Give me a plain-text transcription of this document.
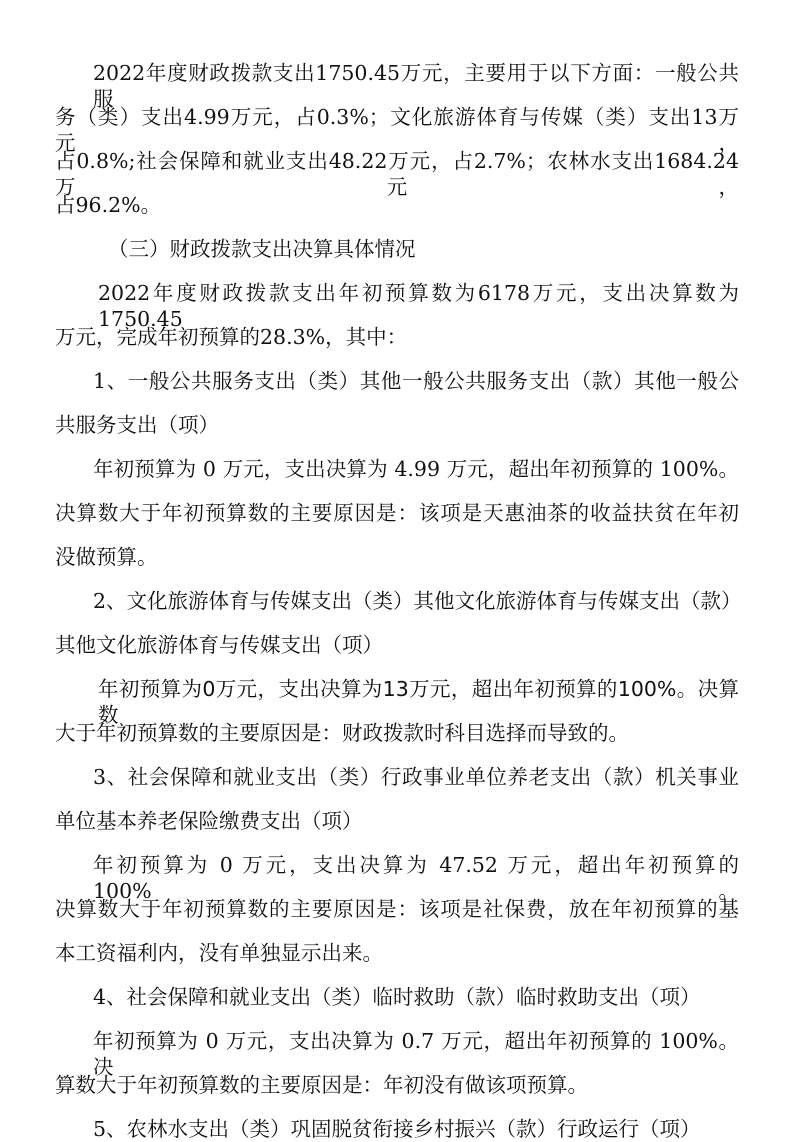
2022年度财政拨款支出1750.45万元，主要用于以下方面：一般公共服
务（类）支出4.99万元，占0.3%；文化旅游体育与传媒（类）支出13万元，
占0.8%;社会保障和就业支出48.22万元，占2.7%；农林水支出1684.24万元，
占96.2%。
（三）财政拨款支出决算具体情况
2022年度财政拨款支出年初预算数为6178万元，支出决算数为1750.45
万元，完成年初预算的28.3%，其中：
1、一般公共服务支出（类）其他一般公共服务支出（款）其他一般公
共服务支出（项）
年初预算为 0 万元，支出决算为 4.99 万元，超出年初预算的 100%。
决算数大于年初预算数的主要原因是：该项是天惠油茶的收益扶贫在年初
没做预算。
2、文化旅游体育与传媒支出（类）其他文化旅游体育与传媒支出（款）
其他文化旅游体育与传媒支出（项）
年初预算为0万元，支出决算为13万元，超出年初预算的100%。决算数
大于年初预算数的主要原因是：财政拨款时科目选择而导致的。
3、社会保障和就业支出（类）行政事业单位养老支出（款）机关事业
单位基本养老保险缴费支出（项）
年初预算为 0 万元，支出决算为 47.52 万元，超出年初预算的 100%。
决算数大于年初预算数的主要原因是：该项是社保费，放在年初预算的基
本工资福利内，没有单独显示出来。
4、社会保障和就业支出（类）临时救助（款）临时救助支出（项）
年初预算为 0 万元，支出决算为 0.7 万元，超出年初预算的 100%。决
算数大于年初预算数的主要原因是：年初没有做该项预算。
5、农林水支出（类）巩固脱贫衔接乡村振兴（款）行政运行（项）
